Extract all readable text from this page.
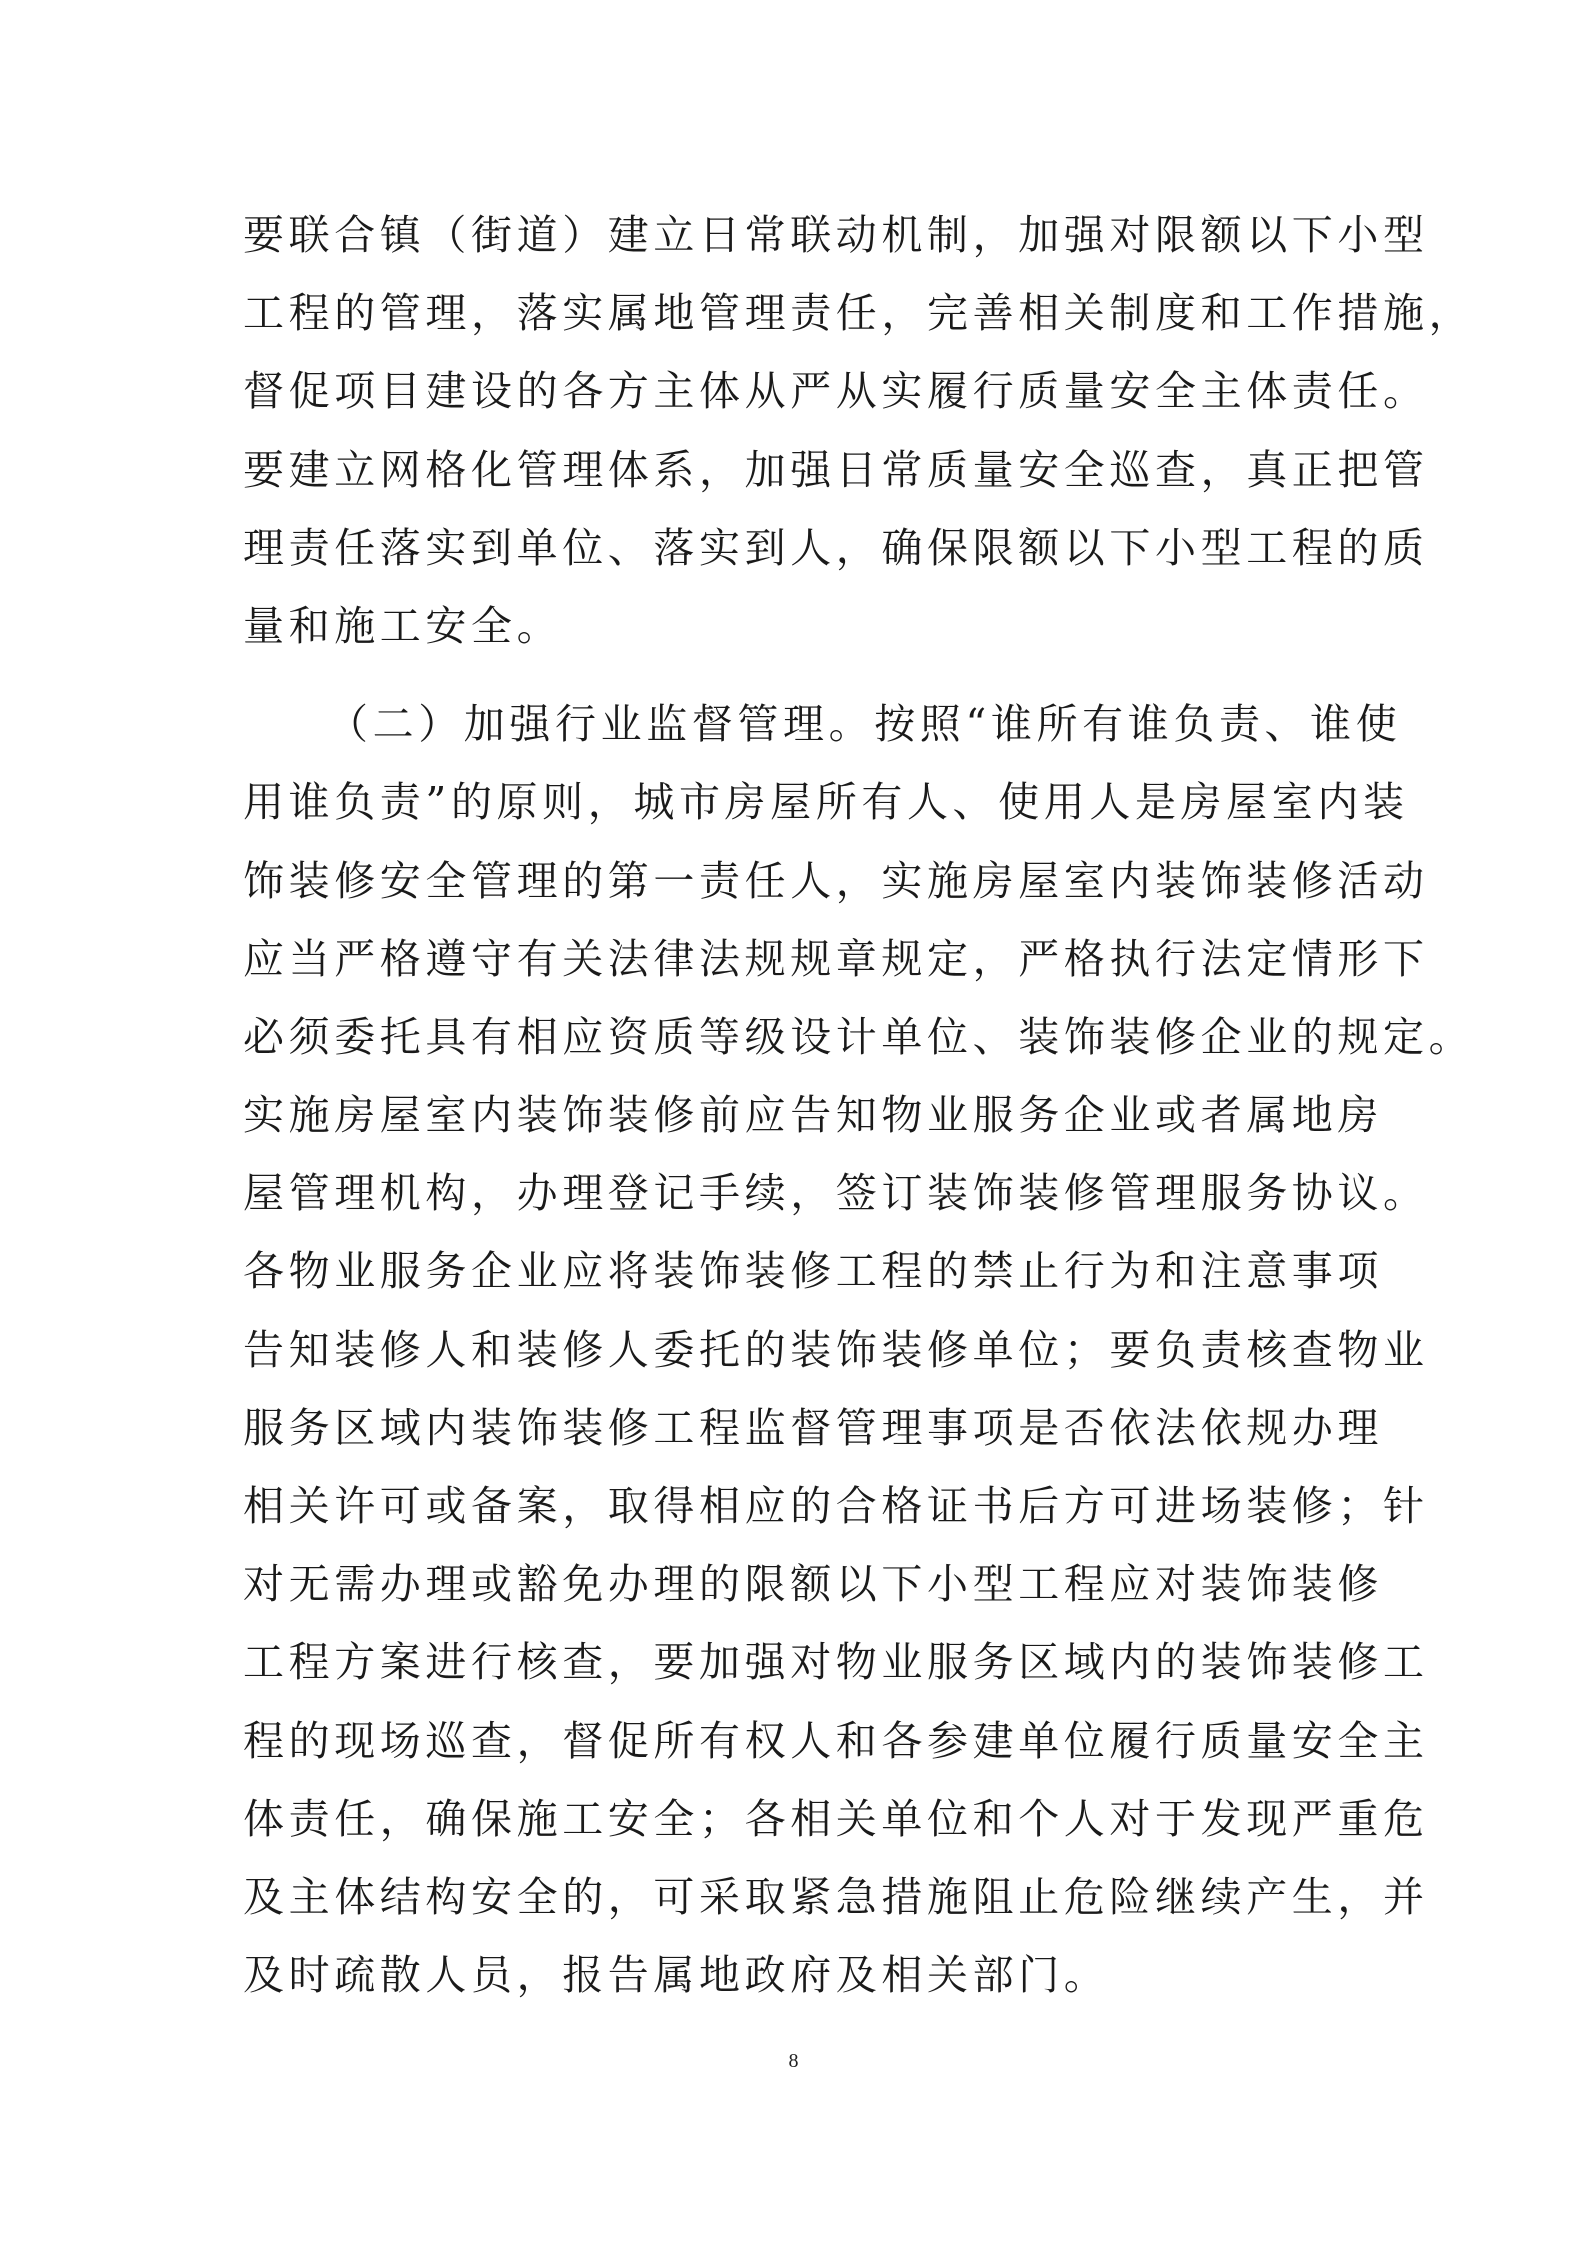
要联合镇（街道）建立日常联动机制，加强对限额以下小型
工程的管理，落实属地管理责任，完善相关制度和工作措施，
督促项目建设的各方主体从严从实履行质量安全主体责任。
要建立网格化管理体系，加强日常质量安全巡查，真正把管
理责任落实到单位、落实到人，确保限额以下小型工程的质
量和施工安全。
（二）加强行业监督管理。按照“谁所有谁负责、谁使
用谁负责”的原则，城市房屋所有人、使用人是房屋室内装
饰装修安全管理的第一责任人，实施房屋室内装饰装修活动
应当严格遵守有关法律法规规章规定，严格执行法定情形下
必须委托具有相应资质等级设计单位、装饰装修企业的规定。
实施房屋室内装饰装修前应告知物业服务企业或者属地房
屋管理机构，办理登记手续，签订装饰装修管理服务协议。
各物业服务企业应将装饰装修工程的禁止行为和注意事项
告知装修人和装修人委托的装饰装修单位；要负责核查物业
服务区域内装饰装修工程监督管理事项是否依法依规办理
相关许可或备案，取得相应的合格证书后方可进场装修；针
对无需办理或豁免办理的限额以下小型工程应对装饰装修
工程方案进行核查，要加强对物业服务区域内的装饰装修工
程的现场巡查，督促所有权人和各参建单位履行质量安全主
体责任，确保施工安全；各相关单位和个人对于发现严重危
及主体结构安全的，可采取紧急措施阻止危险继续产生，并
及时疏散人员，报告属地政府及相关部门。
8
